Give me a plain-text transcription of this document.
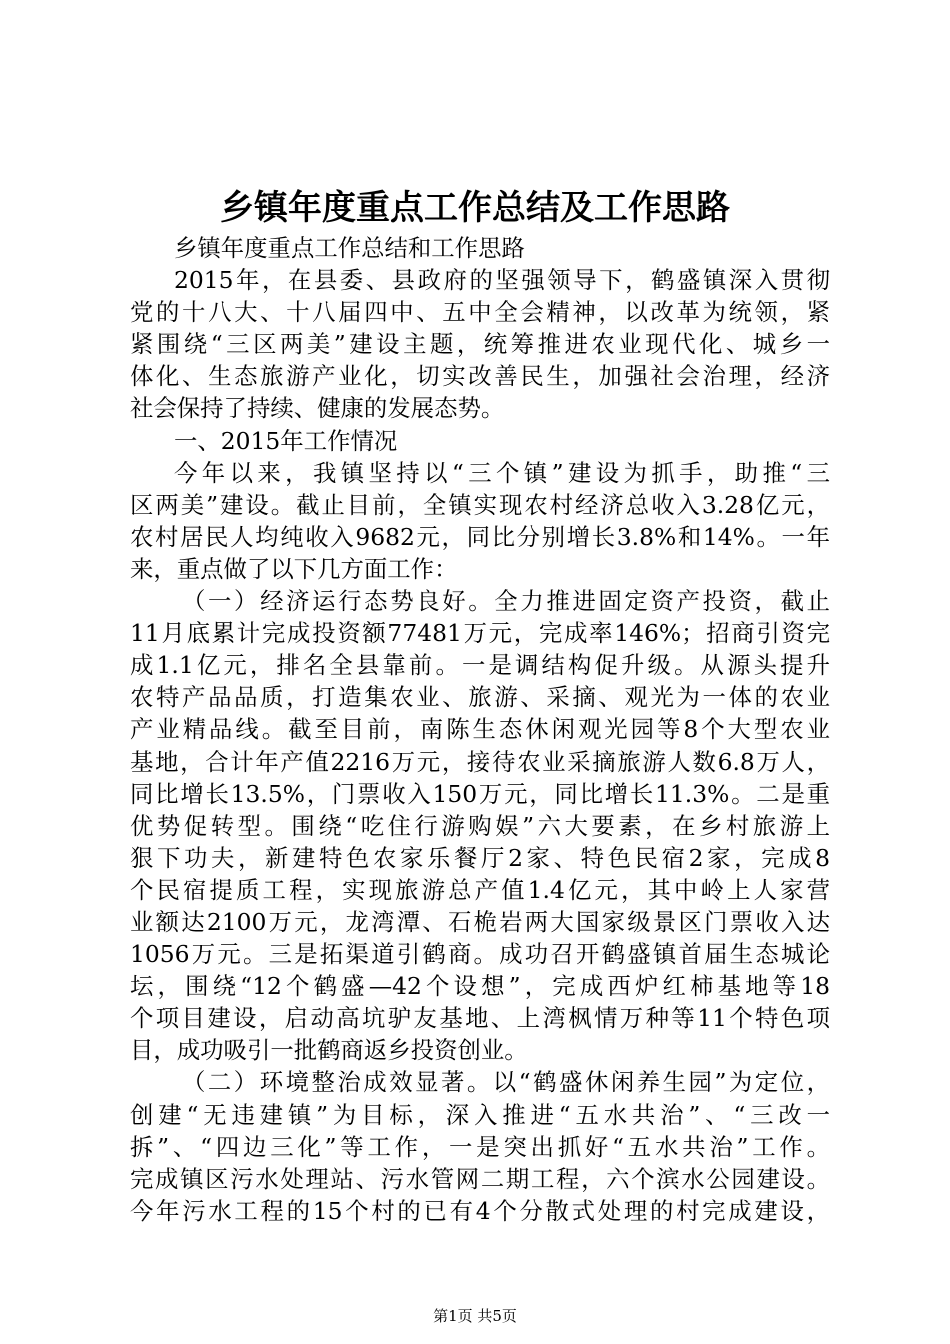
乡镇年度重点工作总结及工作思路
乡镇年度重点工作总结和工作思路
2015年，在县委、县政府的坚强领导下，鹤盛镇深入贯彻
党的十八大、十八届四中、五中全会精神，以改革为统领，紧
紧围绕“三区两美”建设主题，统筹推进农业现代化、城乡一
体化、生态旅游产业化，切实改善民生，加强社会治理，经济
社会保持了持续、健康的发展态势。
一、2015年工作情况
今年以来，我镇坚持以“三个镇”建设为抓手，助推“三
区两美”建设。截止目前，全镇实现农村经济总收入3.28亿元，
农村居民人均纯收入9682元，同比分别增长3.8%和14%。一年
来，重点做了以下几方面工作：
（一）经济运行态势良好。全力推进固定资产投资，截止
11月底累计完成投资额77481万元，完成率146%；招商引资完
成1.1亿元，排名全县靠前。一是调结构促升级。从源头提升
农特产品品质，打造集农业、旅游、采摘、观光为一体的农业
产业精品线。截至目前，南陈生态休闲观光园等8个大型农业
基地，合计年产值2216万元，接待农业采摘旅游人数6.8万人，
同比增长13.5%，门票收入150万元，同比增长11.3%。二是重
优势促转型。围绕“吃住行游购娱”六大要素，在乡村旅游上
狠下功夫，新建特色农家乐餐厅2家、特色民宿2家，完成8
个民宿提质工程，实现旅游总产值1.4亿元，其中岭上人家营
业额达2100万元，龙湾潭、石桅岩两大国家级景区门票收入达
1056万元。三是拓渠道引鹤商。成功召开鹤盛镇首届生态城论
坛，围绕“12个鹤盛—42个设想”，完成西炉红柿基地等18
个项目建设，启动高坑驴友基地、上湾枫情万种等11个特色项
目，成功吸引一批鹤商返乡投资创业。
（二）环境整治成效显著。以“鹤盛休闲养生园”为定位，
创建“无违建镇”为目标，深入推进“五水共治”、“三改一
拆”、“四边三化”等工作，一是突出抓好“五水共治”工作。
完成镇区污水处理站、污水管网二期工程，六个滨水公园建设。
今年污水工程的15个村的已有4个分散式处理的村完成建设，
第1页 共5页
